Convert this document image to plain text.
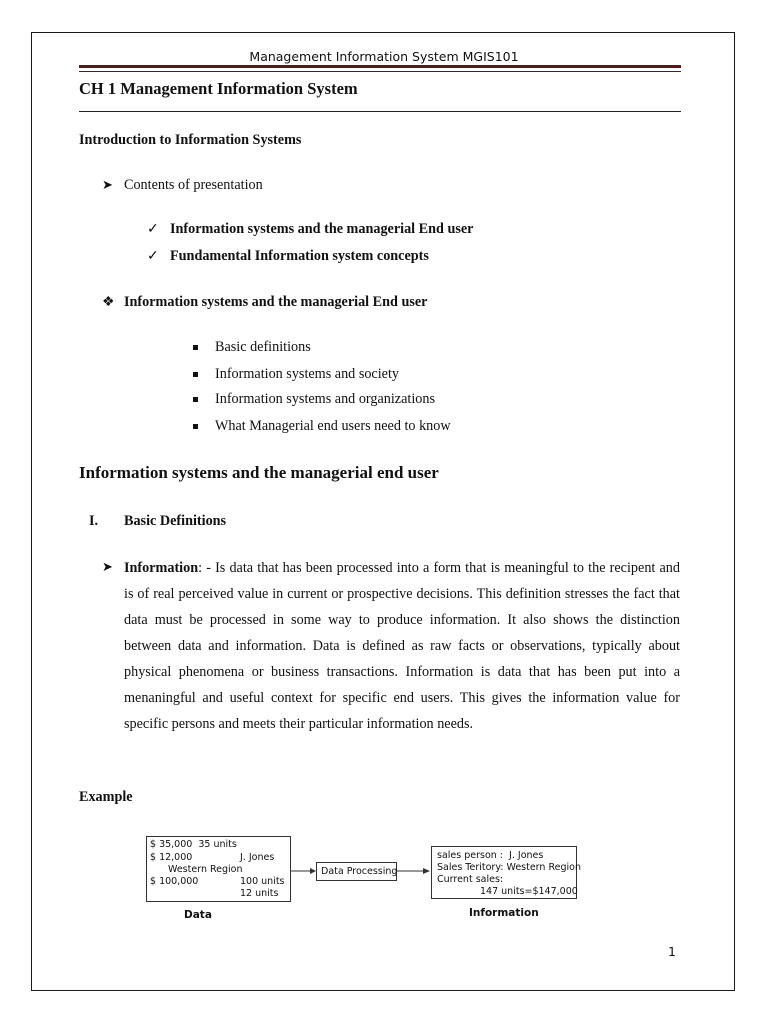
Management Information System MGIS101
CH 1 Management Information System
Introduction to Information Systems
➤ Contents of presentation
✓ Information systems and the managerial End user
✓ Fundamental Information system concepts
❖ Information systems and the managerial End user
Basic definitions
Information systems and society
Information systems and organizations
What Managerial end users need to know
Information systems and the managerial end user
I. Basic Definitions
➤ Information: - Is data that has been processed into a form that is meaningful to the recipent and is of real perceived value in current or prospective decisions. This definition stresses the fact that data must be processed in some way to produce information. It also shows the distinction between data and information. Data is defined as raw facts or observations, typically about physical phenomena or business transactions. Information is data that has been put into a menaningful and useful context for specific end users. This gives the information value for specific persons and meets their particular information needs.
Example
$ 35,000  35 units
$ 12,000	J. Jones
Western Region
$ 100,000	100 units
12 units
Data Processing
sales person :  J. Jones
Sales Teritory: Western Region
Current sales:
147 units=$147,000
Data	Information
1
